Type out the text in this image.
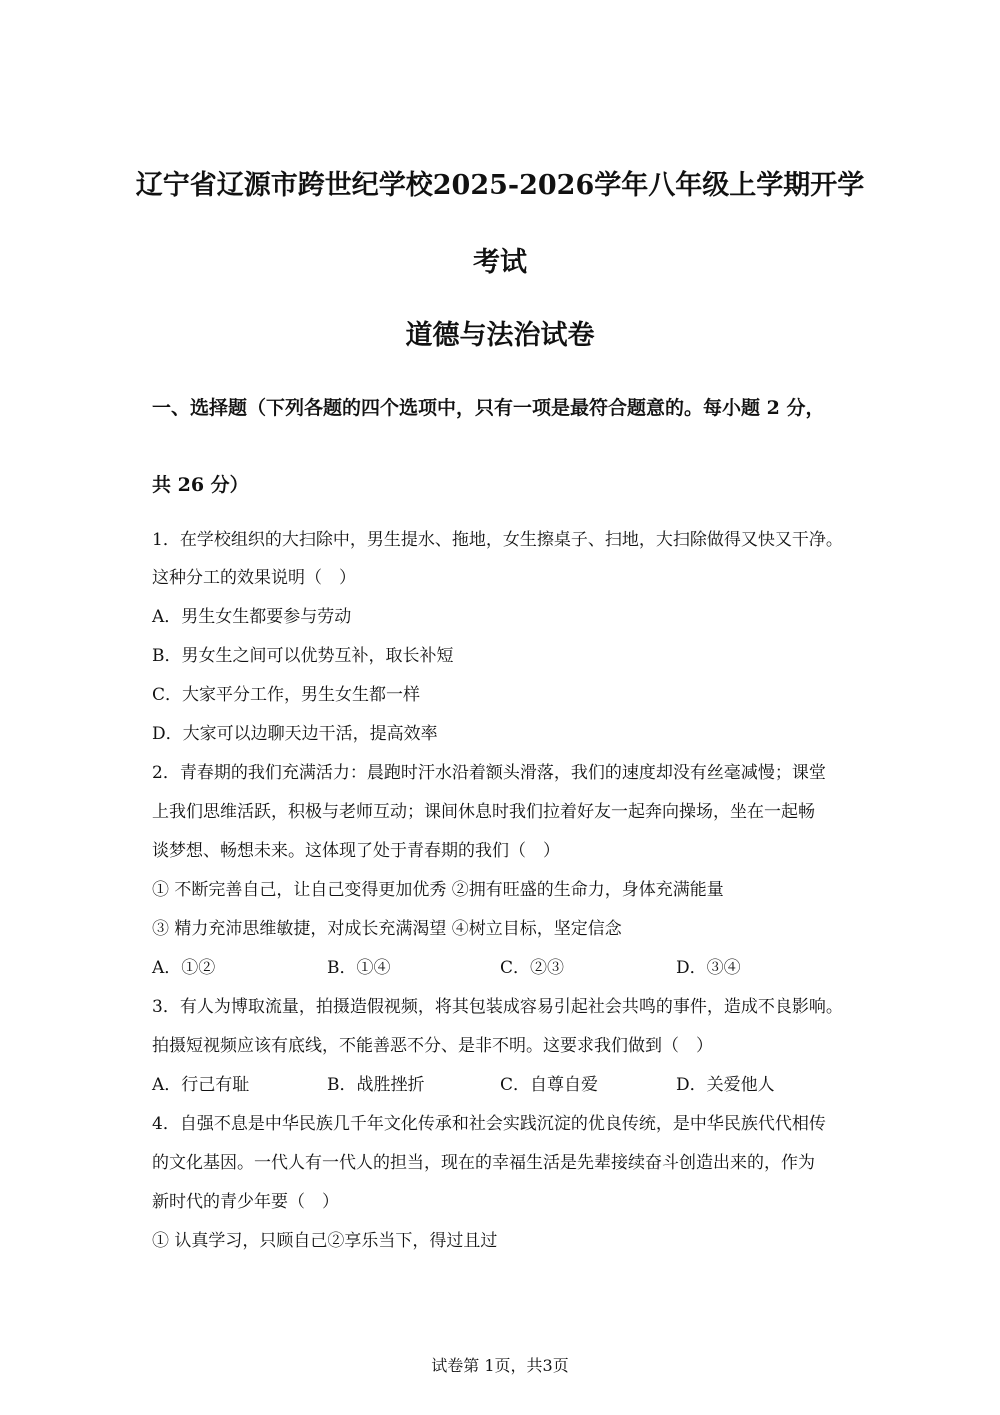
辽宁省辽源市跨世纪学校2025-2026学年八年级上学期开学
考试
道德与法治试卷
一、选择题（下列各题的四个选项中，只有一项是最符合题意的。每小题 2 分，
共 26 分）
1．在学校组织的大扫除中，男生提水、拖地，女生擦桌子、扫地，大扫除做得又快又干净。
这种分工的效果说明（　）
A．男生女生都要参与劳动
B．男女生之间可以优势互补，取长补短
C．大家平分工作，男生女生都一样
D．大家可以边聊天边干活，提高效率
2．青春期的我们充满活力：晨跑时汗水沿着额头滑落，我们的速度却没有丝毫减慢；课堂
上我们思维活跃，积极与老师互动；课间休息时我们拉着好友一起奔向操场，坐在一起畅
谈梦想、畅想未来。这体现了处于青春期的我们（　）
① 不断完善自己，让自己变得更加优秀 ②拥有旺盛的生命力，身体充满能量
③ 精力充沛思维敏捷，对成长充满渴望 ④树立目标，坚定信念
A．①②	B．①④	C．②③	D．③④
3．有人为博取流量，拍摄造假视频，将其包装成容易引起社会共鸣的事件，造成不良影响。
拍摄短视频应该有底线，不能善恶不分、是非不明。这要求我们做到（　）
A．行己有耻	B．战胜挫折	C．自尊自爱	D．关爱他人
4．自强不息是中华民族几千年文化传承和社会实践沉淀的优良传统，是中华民族代代相传
的文化基因。一代人有一代人的担当，现在的幸福生活是先辈接续奋斗创造出来的，作为
新时代的青少年要（　）
① 认真学习，只顾自己②享乐当下，得过且过
试卷第 1页，共3页
